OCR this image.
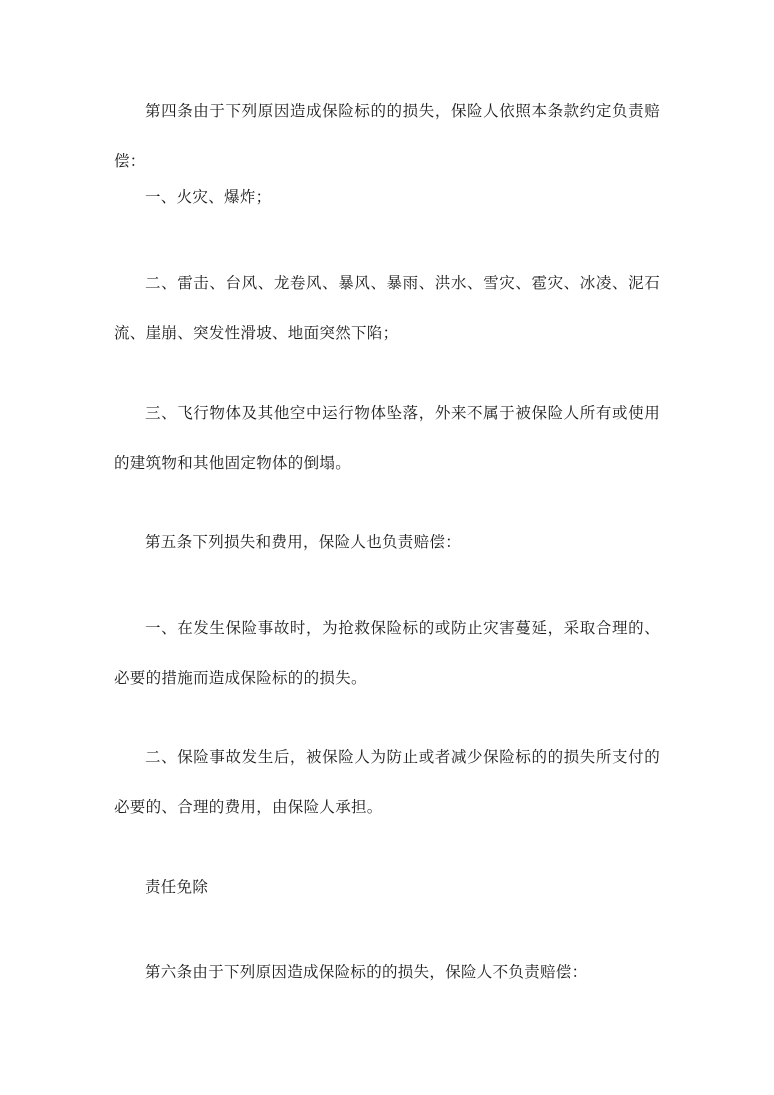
第四条由于下列原因造成保险标的的损失，保险人依照本条款约定负责赔偿：

一、火灾、爆炸；

二、雷击、台风、龙卷风、暴风、暴雨、洪水、雪灾、雹灾、冰凌、泥石流、崖崩、突发性滑坡、地面突然下陷；

三、飞行物体及其他空中运行物体坠落，外来不属于被保险人所有或使用的建筑物和其他固定物体的倒塌。

第五条下列损失和费用，保险人也负责赔偿：

一、在发生保险事故时，为抢救保险标的或防止灾害蔓延，采取合理的、必要的措施而造成保险标的的损失。

二、保险事故发生后，被保险人为防止或者减少保险标的的损失所支付的必要的、合理的费用，由保险人承担。

责任免除

第六条由于下列原因造成保险标的的损失，保险人不负责赔偿：
